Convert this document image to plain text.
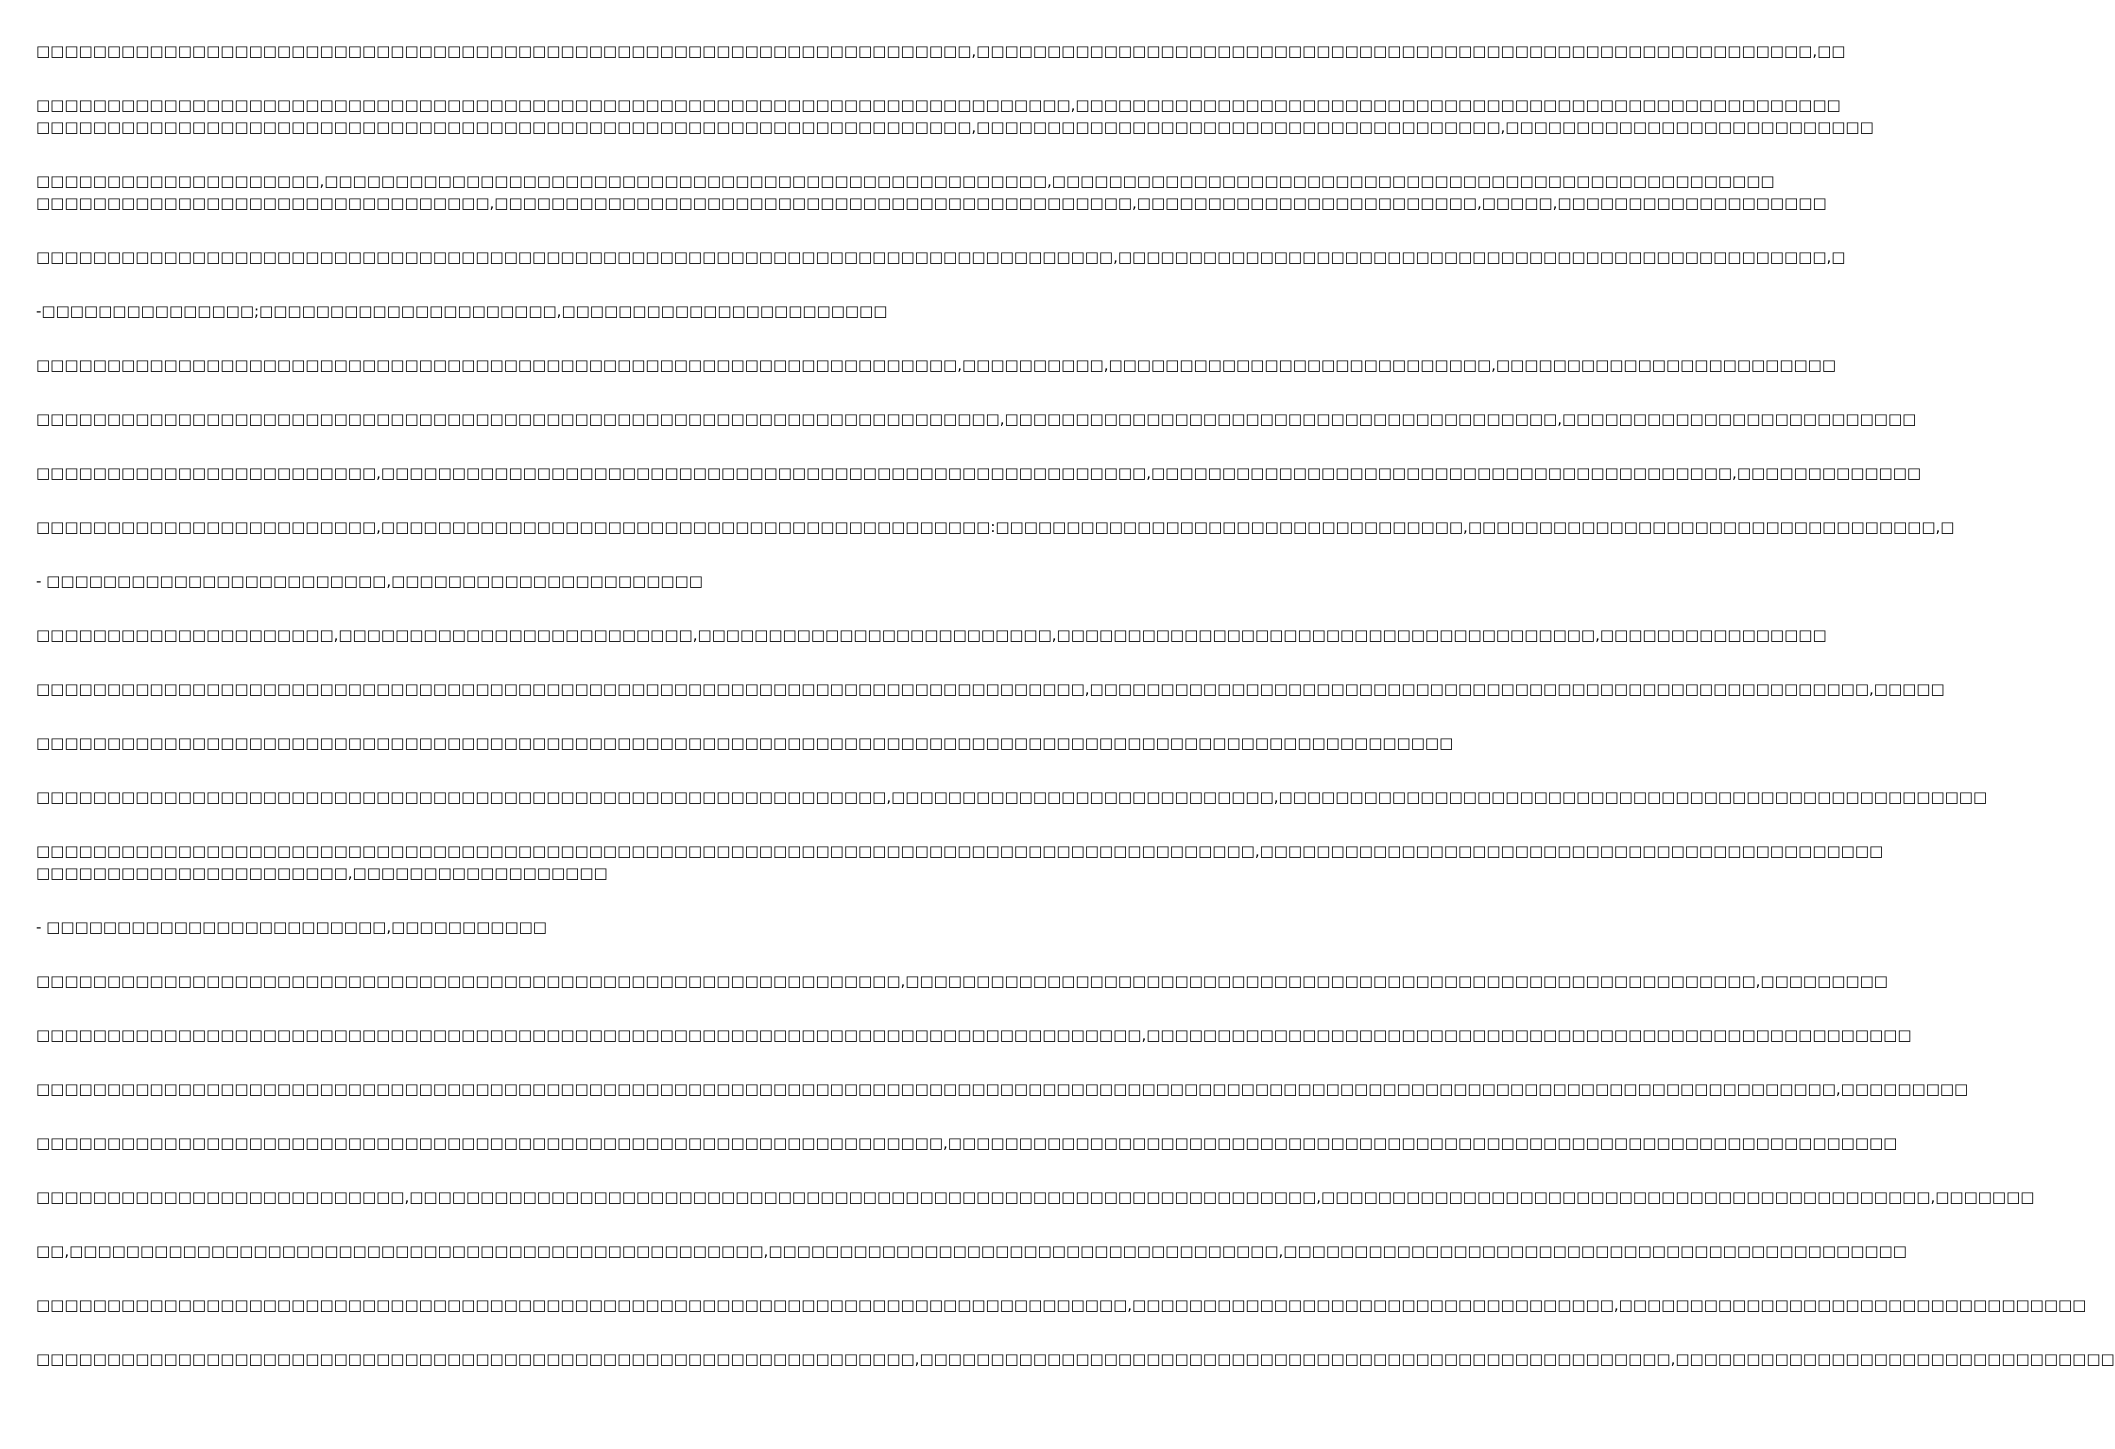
□□□□□□□□□□□□□□□□□□□□□□□□□□□□□□□□□□□□□□□□□□□□□□□□□□□□□□□□□□□□□□□□□□,□□□□□□□□□□□□□□□□□□□□□□□□□□□□□□□□□□□□□□□□□□□□□□□□□□□□□□□□□□□,□□
□□□□□□□□□□□□□□□□□□□□□□□□□□□□□□□□□□□□□□□□□□□□□□□□□□□□□□□□□□□□□□□□□□□□□□□□□,□□□□□□□□□□□□□□□□□□□□□□□□□□□□□□□□□□□□□□□□□□□□□□□□□□□□□□
□□□□□□□□□□□□□□□□□□□□□□□□□□□□□□□□□□□□□□□□□□□□□□□□□□□□□□□□□□□□□□□□□□,□□□□□□□□□□□□□□□□□□□□□□□□□□□□□□□□□□□□□,□□□□□□□□□□□□□□□□□□□□□□□□□□
□□□□□□□□□□□□□□□□□□□□,□□□□□□□□□□□□□□□□□□□□□□□□□□□□□□□□□□□□□□□□□□□□□□□□□□□,□□□□□□□□□□□□□□□□□□□□□□□□□□□□□□□□□□□□□□□□□□□□□□□□□□□
□□□□□□□□□□□□□□□□□□□□□□□□□□□□□□□□,□□□□□□□□□□□□□□□□□□□□□□□□□□□□□□□□□□□□□□□□□□□□□,□□□□□□□□□□□□□□□□□□□□□□□□,□□□□□,□□□□□□□□□□□□□□□□□□□
□□□□□□□□□□□□□□□□□□□□□□□□□□□□□□□□□□□□□□□□□□□□□□□□□□□□□□□□□□□□□□□□□□□□□□□□□□□□,□□□□□□□□□□□□□□□□□□□□□□□□□□□□□□□□□□□□□□□□□□□□□□□□□□,□
-□□□□□□□□□□□□□□□;□□□□□□□□□□□□□□□□□□□□□,□□□□□□□□□□□□□□□□□□□□□□□
□□□□□□□□□□□□□□□□□□□□□□□□□□□□□□□□□□□□□□□□□□□□□□□□□□□□□□□□□□□□□□□□□,□□□□□□□□□□,□□□□□□□□□□□□□□□□□□□□□□□□□□□,□□□□□□□□□□□□□□□□□□□□□□□□
□□□□□□□□□□□□□□□□□□□□□□□□□□□□□□□□□□□□□□□□□□□□□□□□□□□□□□□□□□□□□□□□□□□□,□□□□□□□□□□□□□□□□□□□□□□□□□□□□□□□□□□□□□□□,□□□□□□□□□□□□□□□□□□□□□□□□□
□□□□□□□□□□□□□□□□□□□□□□□□,□□□□□□□□□□□□□□□□□□□□□□□□□□□□□□□□□□□□□□□□□□□□□□□□□□□□□□,□□□□□□□□□□□□□□□□□□□□□□□□□□□□□□□□□□□□□□□□□,□□□□□□□□□□□□□
□□□□□□□□□□□□□□□□□□□□□□□□,□□□□□□□□□□□□□□□□□□□□□□□□□□□□□□□□□□□□□□□□□□□:□□□□□□□□□□□□□□□□□□□□□□□□□□□□□□□□□,□□□□□□□□□□□□□□□□□□□□□□□□□□□□□□□□□,□
- □□□□□□□□□□□□□□□□□□□□□□□□,□□□□□□□□□□□□□□□□□□□□□□
□□□□□□□□□□□□□□□□□□□□□,□□□□□□□□□□□□□□□□□□□□□□□□□,□□□□□□□□□□□□□□□□□□□□□□□□□,□□□□□□□□□□□□□□□□□□□□□□□□□□□□□□□□□□□□□□,□□□□□□□□□□□□□□□□
□□□□□□□□□□□□□□□□□□□□□□□□□□□□□□□□□□□□□□□□□□□□□□□□□□□□□□□□□□□□□□□□□□□□□□□□□□,□□□□□□□□□□□□□□□□□□□□□□□□□□□□□□□□□□□□□□□□□□□□□□□□□□□□□□□,□□□□□
□□□□□□□□□□□□□□□□□□□□□□□□□□□□□□□□□□□□□□□□□□□□□□□□□□□□□□□□□□□□□□□□□□□□□□□□□□□□□□□□□□□□□□□□□□□□□□□□□□□□
□□□□□□□□□□□□□□□□□□□□□□□□□□□□□□□□□□□□□□□□□□□□□□□□□□□□□□□□□□□□,□□□□□□□□□□□□□□□□□□□□□□□□□□□,□□□□□□□□□□□□□□□□□□□□□□□□□□□□□□□□□□□□□□□□□□□□□□□□□□
□□□□□□□□□□□□□□□□□□□□□□□□□□□□□□□□□□□□□□□□□□□□□□□□□□□□□□□□□□□□□□□□□□□□□□□□□□□□□□□□□□□□□□,□□□□□□□□□□□□□□□□□□□□□□□□□□□□□□□□□□□□□□□□□□□□
□□□□□□□□□□□□□□□□□□□□□□,□□□□□□□□□□□□□□□□□□
- □□□□□□□□□□□□□□□□□□□□□□□□,□□□□□□□□□□□
□□□□□□□□□□□□□□□□□□□□□□□□□□□□□□□□□□□□□□□□□□□□□□□□□□□□□□□□□□□□□,□□□□□□□□□□□□□□□□□□□□□□□□□□□□□□□□□□□□□□□□□□□□□□□□□□□□□□□□□□□□,□□□□□□□□□
□□□□□□□□□□□□□□□□□□□□□□□□□□□□□□□□□□□□□□□□□□□□□□□□□□□□□□□□□□□□□□□□□□□□□□□□□□□□□□,□□□□□□□□□□□□□□□□□□□□□□□□□□□□□□□□□□□□□□□□□□□□□□□□□□□□□□
□□□□□□□□□□□□□□□□□□□□□□□□□□□□□□□□□□□□□□□□□□□□□□□□□□□□□□□□□□□□□□□□□□□□□□□□□□□□□□□□□□□□□□□□□□□□□□□□□□□□□□□□□□□□□□□□□□□□□□□□□□□□□□□,□□□□□□□□□
□□□□□□□□□□□□□□□□□□□□□□□□□□□□□□□□□□□□□□□□□□□□□□□□□□□□□□□□□□□□□□□□,□□□□□□□□□□□□□□□□□□□□□□□□□□□□□□□□□□□□□□□□□□□□□□□□□□□□□□□□□□□□□□□□□□□
□□□□□□□□□□□□□□□□□□□□□□□□□□,□□□□□□□□□□□□□□□□□□□□□□□□□□□□□□□□□□□□□□□□□□□□□□□□□□□□□□□□□□□□□□□□,□□□□□□□□□□□□□□□□□□□□□□□□□□□□□□□□□□□□□□□□□□□,□□□□□□□
□□,□□□□□□□□□□□□□□□□□□□□□□□□□□□□□□□□□□□□□□□□□□□□□□□□□,□□□□□□□□□□□□□□□□□□□□□□□□□□□□□□□□□□□□,□□□□□□□□□□□□□□□□□□□□□□□□□□□□□□□□□□□□□□□□□□□□
□□□□□□□□□□□□□□□□□□□□□□□□□□□□□□□□□□□□□□□□□□□□□□□□□□□□□□□□□□□□□□□□□□□□□□□□□□□□□,□□□□□□□□□□□□□□□□□□□□□□□□□□□□□□□□□□,□□□□□□□□□□□□□□□□□□□□□□□□□□□□□□□□□
□□□□□□□□□□□□□□□□□□□□□□□□□□□□□□□□□□□□□□□□□□□□□□□□□□□□□□□□□□□□□□,□□□□□□□□□□□□□□□□□□□□□□□□□□□□□□□□□□□□□□□□□□□□□□□□□□□□□,□□□□□□□□□□□□□□□□□□□□□□□□□□□□□□□
